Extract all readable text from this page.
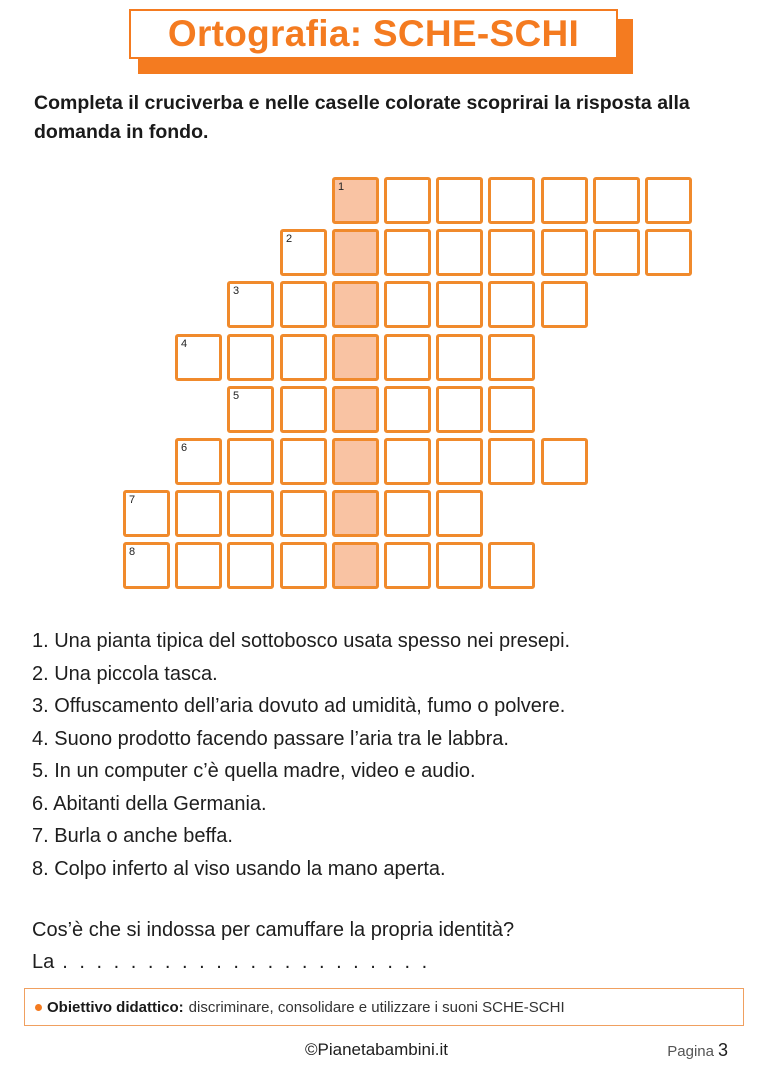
Ortografia: SCHE-SCHI
Completa il cruciverba e nelle caselle colorate scoprirai la risposta alla domanda in fondo.
1
2
3
4
5
6
7
8
1. Una pianta tipica del sottobosco usata spesso nei presepi.
2. Una piccola tasca.
3. Offuscamento dell’aria dovuto ad umidità, fumo o polvere.
4. Suono prodotto facendo passare l’aria tra le labbra.
5. In un computer c’è quella madre, video e audio.
6. Abitanti della Germania.
7. Burla o anche beffa.
8. Colpo inferto al viso usando la mano aperta.
Cos’è che si indossa per camuffare la propria identità?
La . . . . . . . . . . . . . . . . . . . . . .
Obiettivo didattico: discriminare, consolidare e utilizzare i suoni SCHE-SCHI
©Pianetabambini.it	Pagina 3
